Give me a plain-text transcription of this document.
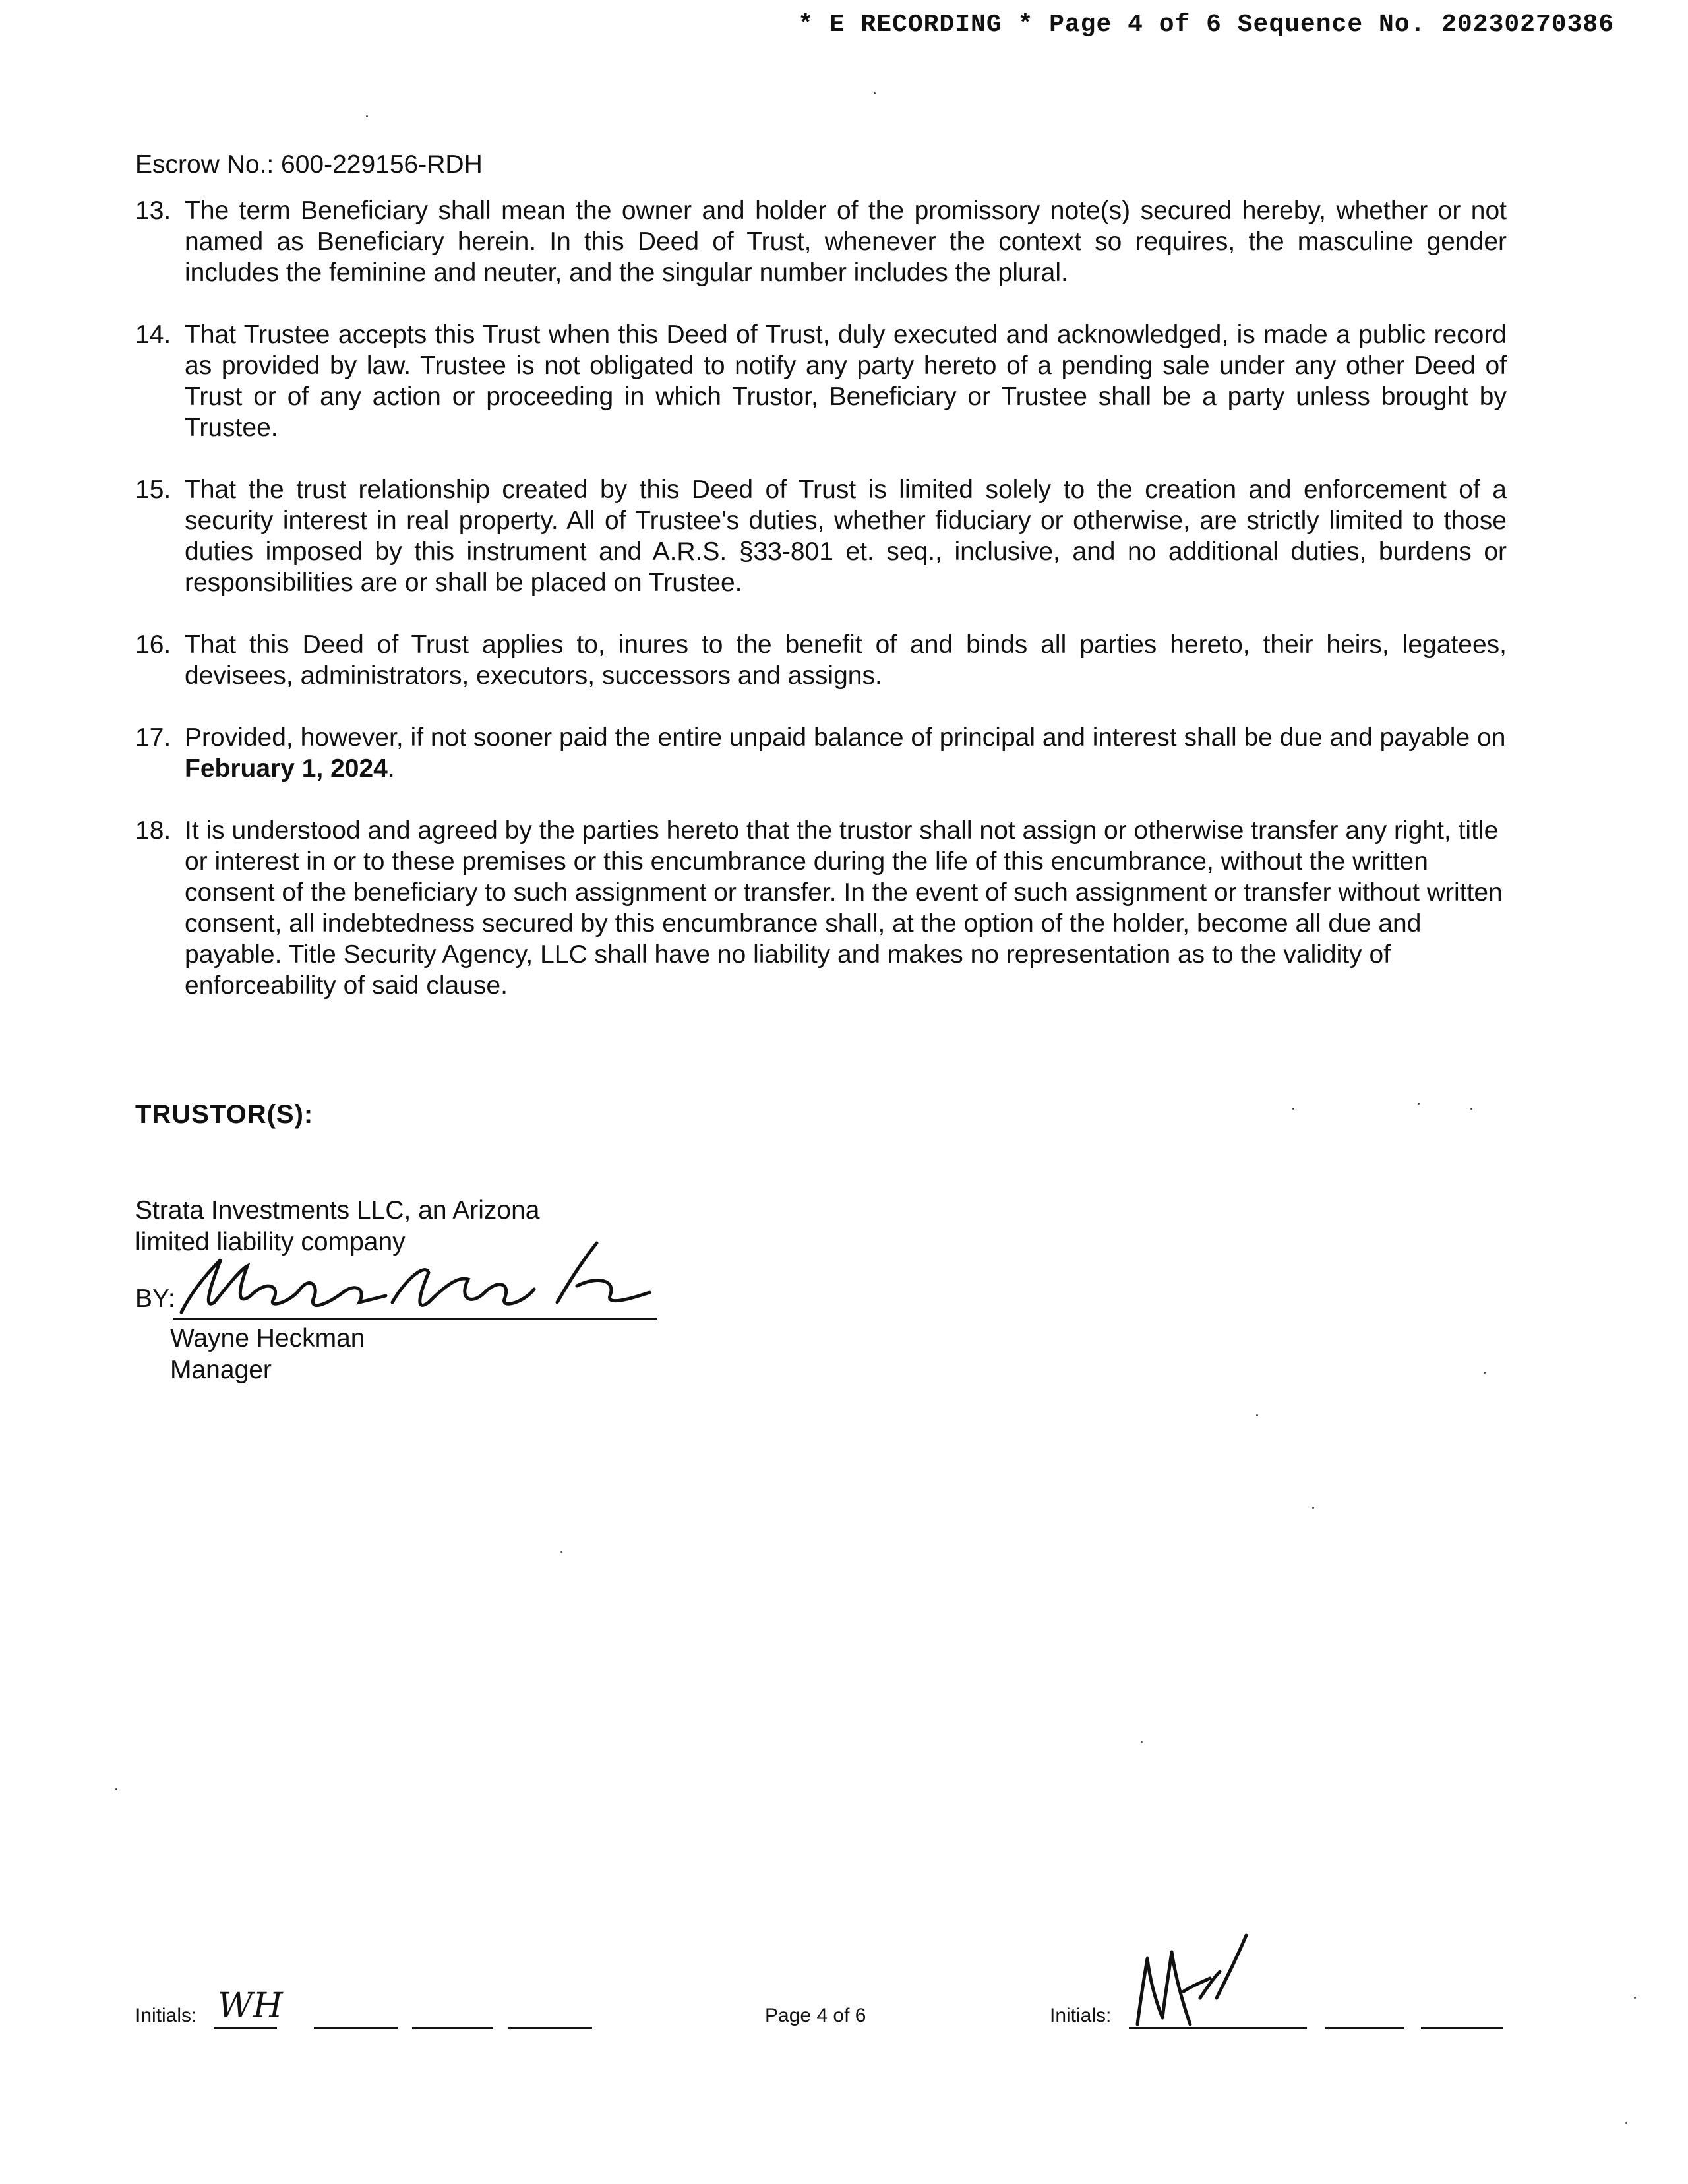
* E RECORDING * Page 4 of 6 Sequence No. 20230270386
Escrow No.: 600-229156-RDH
13. The term Beneficiary shall mean the owner and holder of the promissory note(s) secured hereby, whether or not named as Beneficiary herein. In this Deed of Trust, whenever the context so requires, the masculine gender includes the feminine and neuter, and the singular number includes the plural.
14. That Trustee accepts this Trust when this Deed of Trust, duly executed and acknowledged, is made a public record as provided by law. Trustee is not obligated to notify any party hereto of a pending sale under any other Deed of Trust or of any action or proceeding in which Trustor, Beneficiary or Trustee shall be a party unless brought by Trustee.
15. That the trust relationship created by this Deed of Trust is limited solely to the creation and enforcement of a security interest in real property. All of Trustee's duties, whether fiduciary or otherwise, are strictly limited to those duties imposed by this instrument and A.R.S. §33-801 et. seq., inclusive, and no additional duties, burdens or responsibilities are or shall be placed on Trustee.
16. That this Deed of Trust applies to, inures to the benefit of and binds all parties hereto, their heirs, legatees, devisees, administrators, executors, successors and assigns.
17. Provided, however, if not sooner paid the entire unpaid balance of principal and interest shall be due and payable on February 1, 2024.
18. It is understood and agreed by the parties hereto that the trustor shall not assign or otherwise transfer any right, title or interest in or to these premises or this encumbrance during the life of this encumbrance, without the written consent of the beneficiary to such assignment or transfer. In the event of such assignment or transfer without written consent, all indebtedness secured by this encumbrance shall, at the option of the holder, become all due and payable. Title Security Agency, LLC shall have no liability and makes no representation as to the validity of enforceability of said clause.
TRUSTOR(S):
Strata Investments LLC, an Arizona
limited liability company
BY:
Wayne Heckman
Manager
Initials: WH	Page 4 of 6	Initials:
